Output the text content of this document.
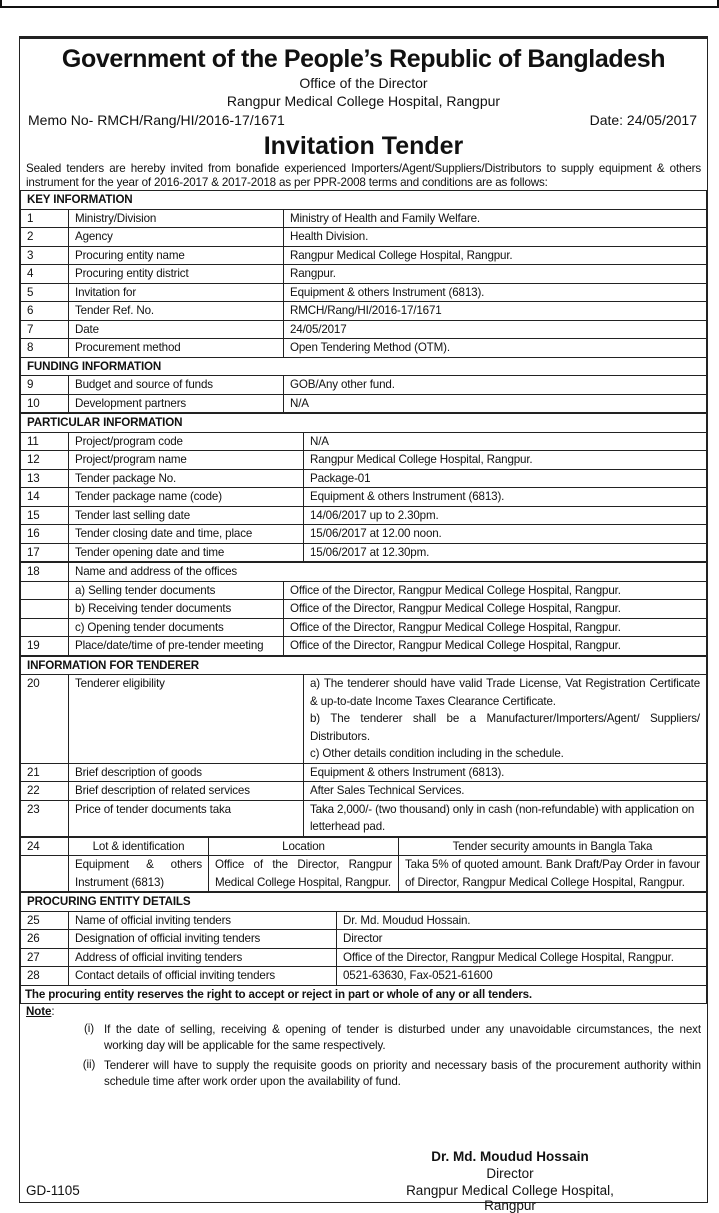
Government of the People’s Republic of Bangladesh
Office of the Director
Rangpur Medical College Hospital, Rangpur
Memo No- RMCH/Rang/HI/2016-17/1671	Date: 24/05/2017
Invitation Tender
Sealed tenders are hereby invited from bonafide experienced Importers/Agent/Suppliers/Distributors to supply equipment & others instrument for the year of 2016-2017 & 2017-2018 as per PPR-2008 terms and conditions are as follows:
KEY INFORMATION		
1	Ministry/Division	Ministry of Health and Family Welfare.
2	Agency	Health Division.
3	Procuring entity name	Rangpur Medical College Hospital, Rangpur.
4	Procuring entity district	Rangpur.
5	Invitation for	Equipment & others Instrument (6813).
6	Tender Ref. No.	RMCH/Rang/HI/2016-17/1671
7	Date	24/05/2017
8	Procurement method	Open Tendering Method (OTM).
FUNDING INFORMATION		
9	Budget and source of funds	GOB/Any other fund.
10	Development partners	N/A
PARTICULAR INFORMATION		
11	Project/program code	N/A
12	Project/program name	Rangpur Medical College Hospital, Rangpur.
13	Tender package No.	Package-01
14	Tender package name (code)	Equipment & others Instrument (6813).
15	Tender last selling date	14/06/2017 up to 2.30pm.
16	Tender closing date and time, place	15/06/2017 at 12.00 noon.
17	Tender opening date and time	15/06/2017 at 12.30pm.
18	Name and address of the offices	
	a) Selling tender documents	Office of the Director, Rangpur Medical College Hospital, Rangpur.
	b) Receiving tender documents	Office of the Director, Rangpur Medical College Hospital, Rangpur.
	c) Opening tender documents	Office of the Director, Rangpur Medical College Hospital, Rangpur.
19	Place/date/time of pre-tender meeting	Office of the Director, Rangpur Medical College Hospital, Rangpur.
INFORMATION FOR TENDERER		
20	Tenderer eligibility	a) The tenderer should have valid Trade License, Vat Registration Certificate & up-to-date Income Taxes Clearance Certificate.
b) The tenderer shall be a Manufacturer/Importers/Agent/ Suppliers/ Distributors.
c) Other details condition including in the schedule.

21	Brief description of goods	Equipment & others Instrument (6813).
22	Brief description of related services	After Sales Technical Services.
23	Price of tender documents taka	Taka 2,000/- (two thousand) only in cash (non-refundable) with application on letterhead pad.
24	Lot & identification	Location	Tender security amounts in Bangla Taka
	Equipment & others Instrument (6813)	Office of the Director, Rangpur Medical College Hospital, Rangpur.	Taka 5% of quoted amount. Bank Draft/Pay Order in favour of Director, Rangpur Medical College Hospital, Rangpur.
PROCURING ENTITY DETAILS		
25	Name of official inviting tenders	Dr. Md. Moudud Hossain.
26	Designation of official inviting tenders	Director
27	Address of official inviting tenders	Office of the Director, Rangpur Medical College Hospital, Rangpur.
28	Contact details of official inviting tenders	0521-63630, Fax-0521-61600
The procuring entity reserves the right to accept or reject in part or whole of any or all tenders.		
Note:
(i) If the date of selling, receiving & opening of tender is disturbed under any unavoidable circumstances, the next working day will be applicable for the same respectively.
(ii) Tenderer will have to supply the requisite goods on priority and necessary basis of the procurement authority within schedule time after work order upon the availability of fund.
Dr. Md. Moudud Hossain
Director
Rangpur Medical College Hospital, Rangpur
GD-1105
